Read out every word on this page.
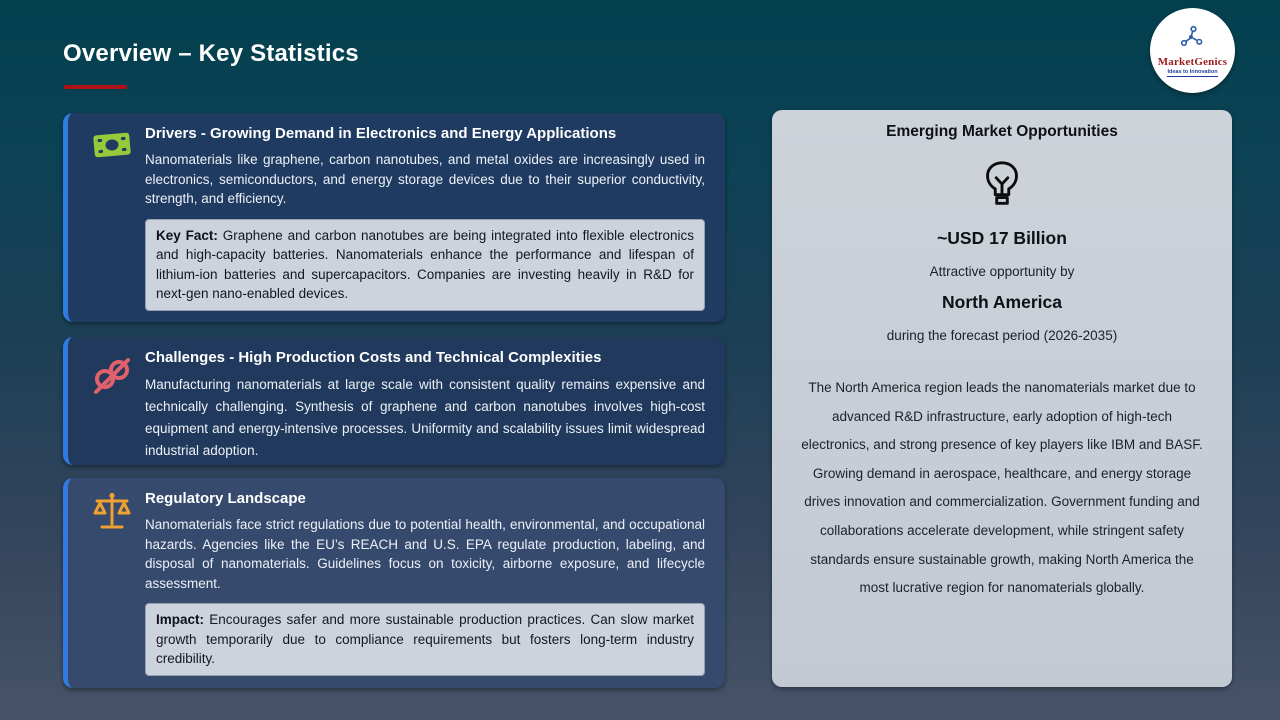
Overview – Key Statistics	MarketGenics
Ideas to Innovation
Drivers - Growing Demand in Electronics and Energy Applications
Nanomaterials like graphene, carbon nanotubes, and metal oxides are increasingly used in electronics, semiconductors, and energy storage devices due to their superior conductivity, strength, and efficiency.
Key Fact: Graphene and carbon nanotubes are being integrated into flexible electronics and high-capacity batteries. Nanomaterials enhance the performance and lifespan of lithium-ion batteries and supercapacitors. Companies are investing heavily in R&D for next-gen nano-enabled devices.
Challenges - High Production Costs and Technical Complexities
Manufacturing nanomaterials at large scale with consistent quality remains expensive and technically challenging. Synthesis of graphene and carbon nanotubes involves high-cost equipment and energy-intensive processes. Uniformity and scalability issues limit widespread industrial adoption.
Regulatory Landscape
Nanomaterials face strict regulations due to potential health, environmental, and occupational hazards. Agencies like the EU’s REACH and U.S. EPA regulate production, labeling, and disposal of nanomaterials. Guidelines focus on toxicity, airborne exposure, and lifecycle assessment.
Impact: Encourages safer and more sustainable production practices. Can slow market growth temporarily due to compliance requirements but fosters long-term industry credibility.
Emerging Market Opportunities
~USD 17 Billion
Attractive opportunity by
North America
during the forecast period (2026-2035)
The North America region leads the nanomaterials market due to advanced R&D infrastructure, early adoption of high-tech electronics, and strong presence of key players like IBM and BASF. Growing demand in aerospace, healthcare, and energy storage drives innovation and commercialization. Government funding and collaborations accelerate development, while stringent safety standards ensure sustainable growth, making North America the most lucrative region for nanomaterials globally.
